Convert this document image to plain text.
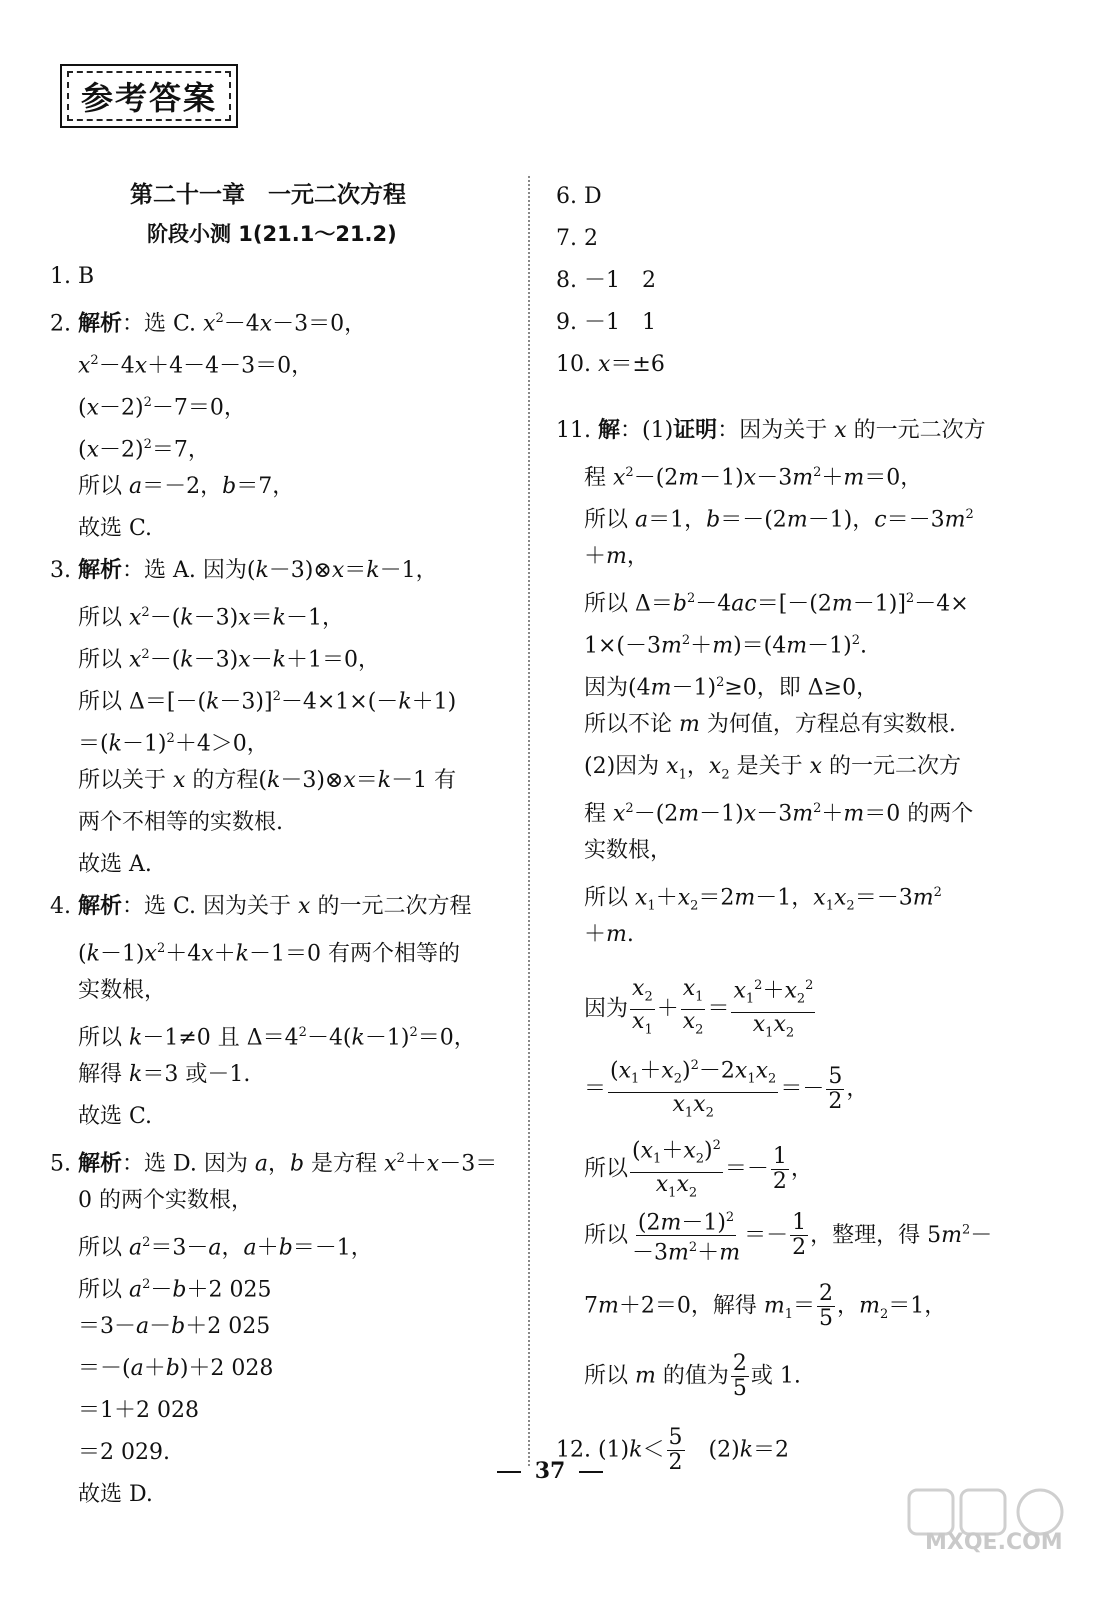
参考答案
第二十一章　一元二次方程
阶段小测 1(21.1～21.2)
1. B
2. 解析：选 C. $x^2-4x-3=0$，
$x^2-4x+4-4-3=0$，
$(x-2)^2-7=0$，
$(x-2)^2=7$，
所以 a＝－2，b＝7，
故选 C.
3. 解析：选 A. 因为(k－3)⊗x＝k－1，
所以 $x^2-(k-3)x=k-1$，
所以 $x^2-(k-3)x-k+1=0$，
所以 $\Delta=[-(k-3)]^2-4\times 1\times(-k+1)$
$=(k-1)^2+4>0$，
所以关于 x 的方程(k－3)⊗x＝k－1 有
两个不相等的实数根.
故选 A.
4. 解析：选 C. 因为关于 x 的一元二次方程
$(k-1)x^2+4x+k-1=0$ 有两个相等的
实数根，
所以 k－1≠0 且 $\Delta=4^2-4(k-1)^2=0$，
解得 k＝3 或－1.
故选 C.
5. 解析：选 D. 因为 a，b 是方程 $x^2+x-3=$
0 的两个实数根，
所以 $a^2=3-a$，a＋b＝－1，
所以 $a^2-b+2$ 025
＝3－a－b＋2 025
＝－(a＋b)＋2 028
＝1＋2 028
＝2 029.
故选 D.
6. D
7. 2
8. －1　2
9. －1　1
10. x＝±6
11. 解：(1)证明：因为关于 x 的一元二次方
程 $x^2-(2m-1)x-3m^2+m=0$，
所以 a＝1，b＝－(2m－1)，$c=-3m^2$
＋m，
所以 $\Delta=b^2-4ac=[-(2m-1)]^2-4\times$
$1\times(-3m^2+m)=(4m-1)^2$.
因为$(4m-1)^2\ge 0$，即 Δ≥0，
所以不论 m 为何值，方程总有实数根.
(2)因为 $x_1$，$x_2$ 是关于 x 的一元二次方
程 $x^2-(2m-1)x-3m^2+m=0$ 的两个
实数根，
所以 $x_1+x_2=2m-1$，$x_1x_2=-3m^2$
＋m.
因为 $\frac{x_2}{x_1} + \frac{x_1}{x_2} = \frac{x_1^2+x_2^2}{x_1x_2}$
＝ $\frac{(x_1+x_2)^2-2x_1x_2}{x_1x_2} =- \frac{5}{2}$ ，
所以 $\frac{(x_1+x_2)^2}{x_1x_2} =- \frac{1}{2}$ ，
所以 $\frac{(2m-1)^2}{-3m^2+m} =- \frac{1}{2}$ ，整理，得 $5m^2-$
7m＋2＝0，解得 $m_1= \frac{2}{5}$ ，$m_2=1$，
所以 m 的值为 $\frac{2}{5}$ 或 1.
12. $(1)k< \frac{5}{2}$ 　(2)k＝2
37
MXQE.COM
